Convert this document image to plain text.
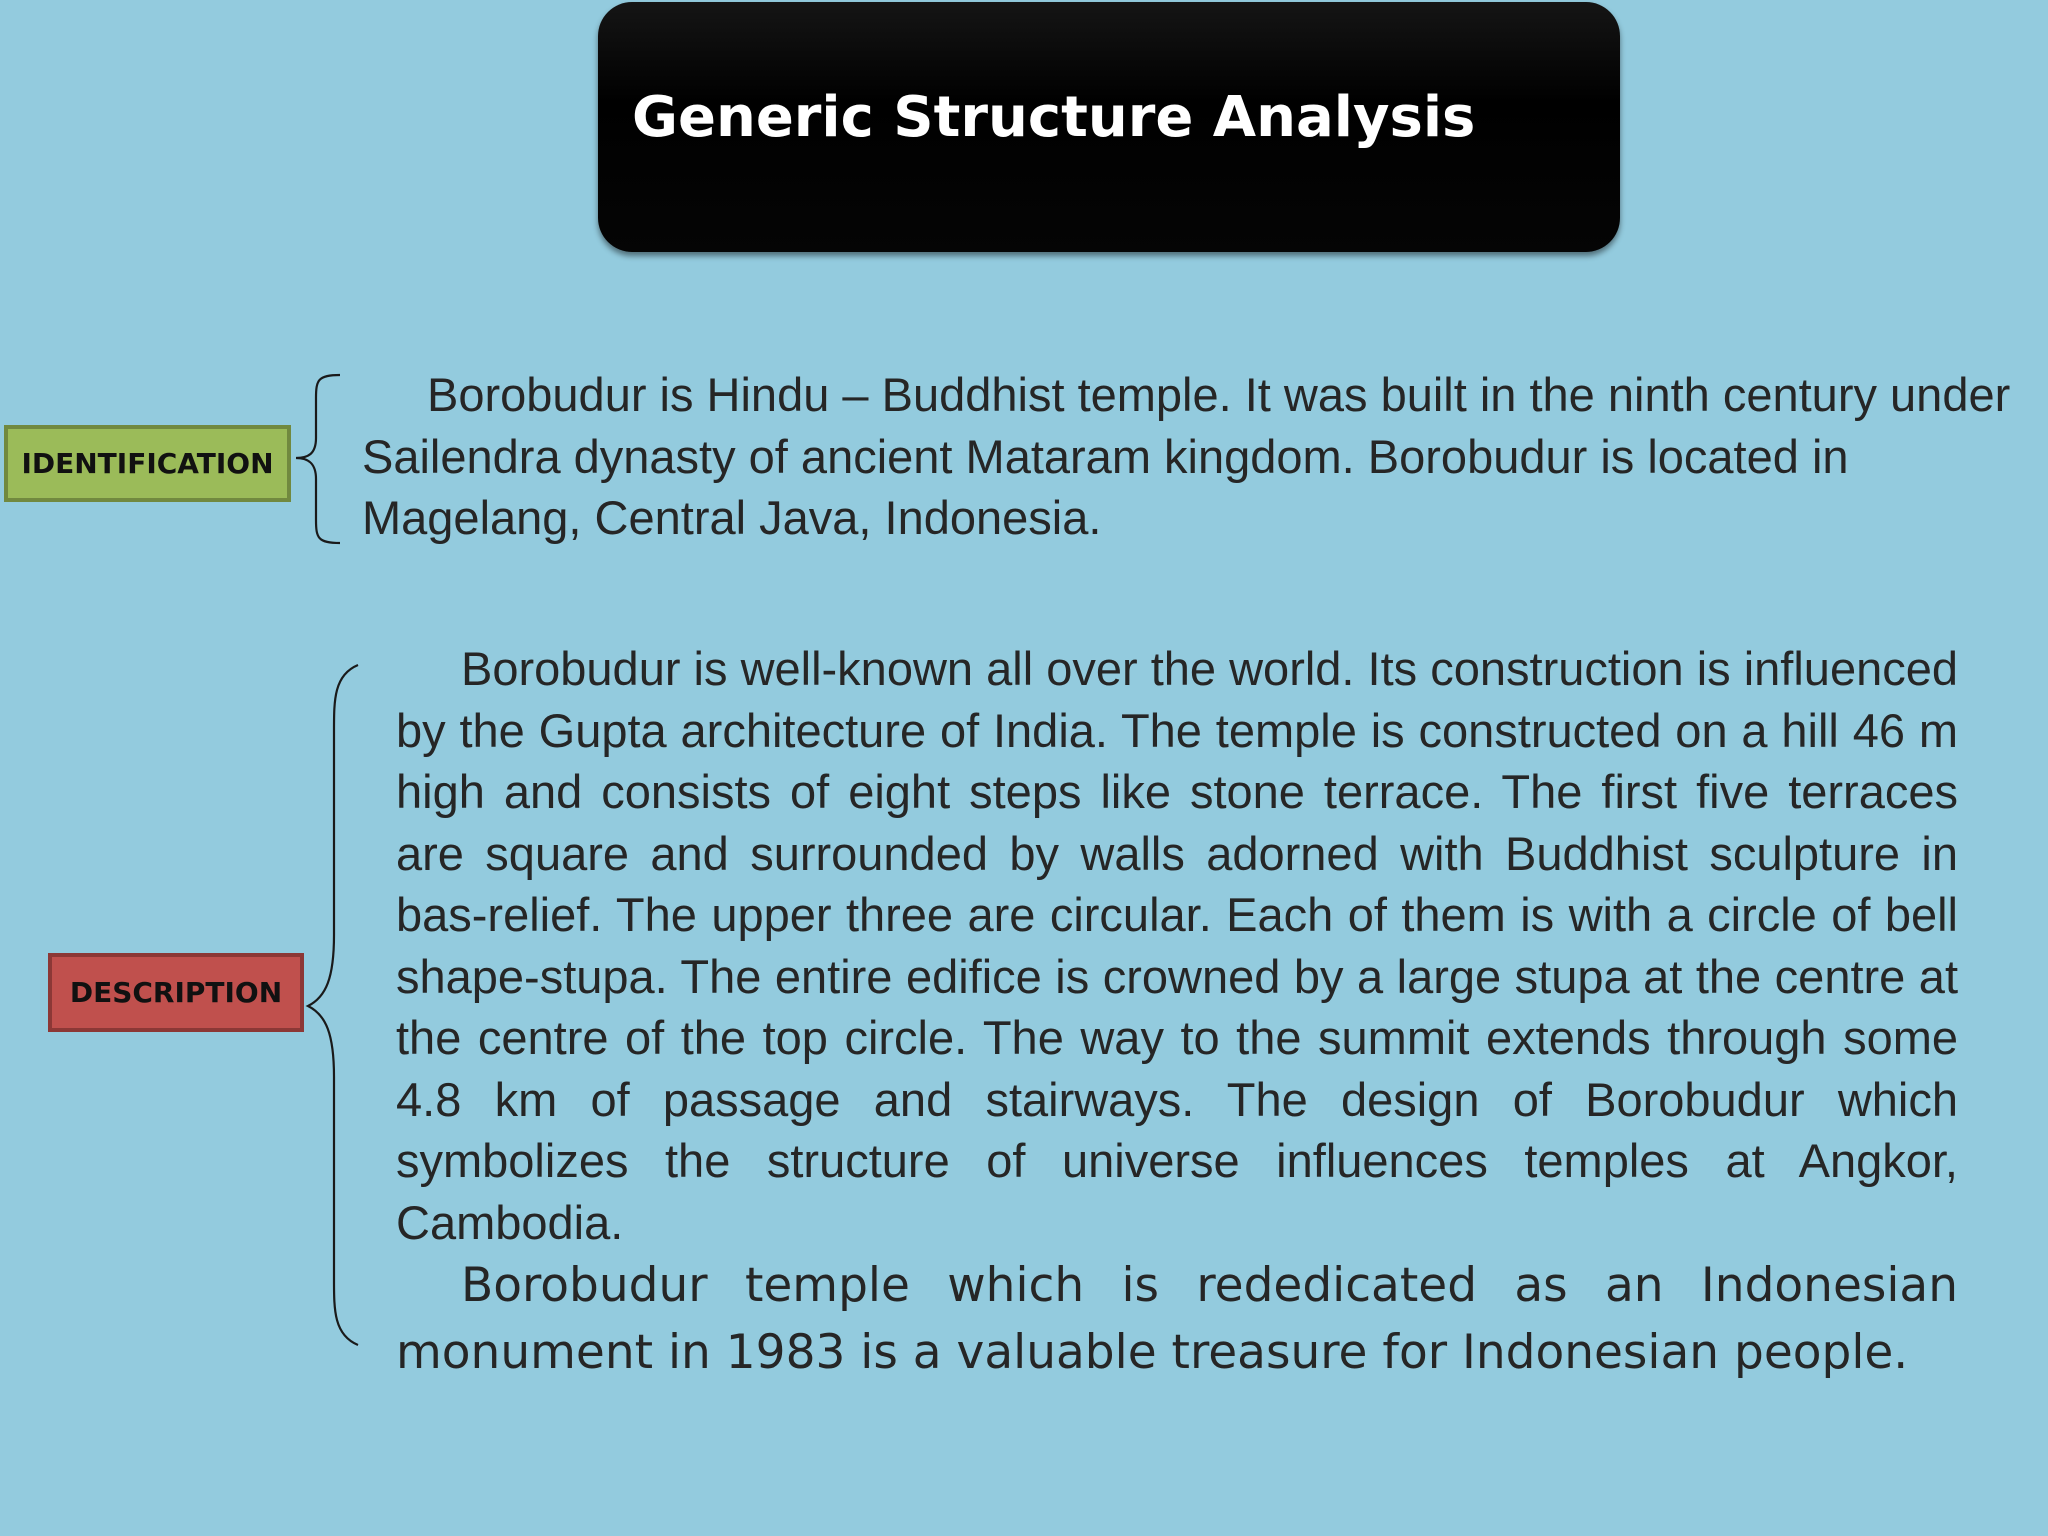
Generic Structure Analysis
IDENTIFICATION

Borobudur is Hindu – Buddhist temple. It was built in the ninth century under Sailendra dynasty of ancient Mataram kingdom. Borobudur is located in Magelang, Central Java, Indonesia.

DESCRIPTION

Borobudur is well-known all over the world. Its construction is influenced by the Gupta architecture of India. The temple is constructed on a hill 46 m high and consists of eight steps like stone terrace. The first five terraces are square and surrounded by walls adorned with Buddhist sculpture in bas-relief. The upper three are circular. Each of them is with a circle of bell shape-stupa. The entire edifice is crowned by a large stupa at the centre at the centre of the top circle. The way to the summit extends through some 4.8 km of passage and stairways. The design of Borobudur which symbolizes the structure of universe influences temples at Angkor, Cambodia.

Borobudur temple which is rededicated as an Indonesian monument in 1983 is a valuable treasure for Indonesian people.
